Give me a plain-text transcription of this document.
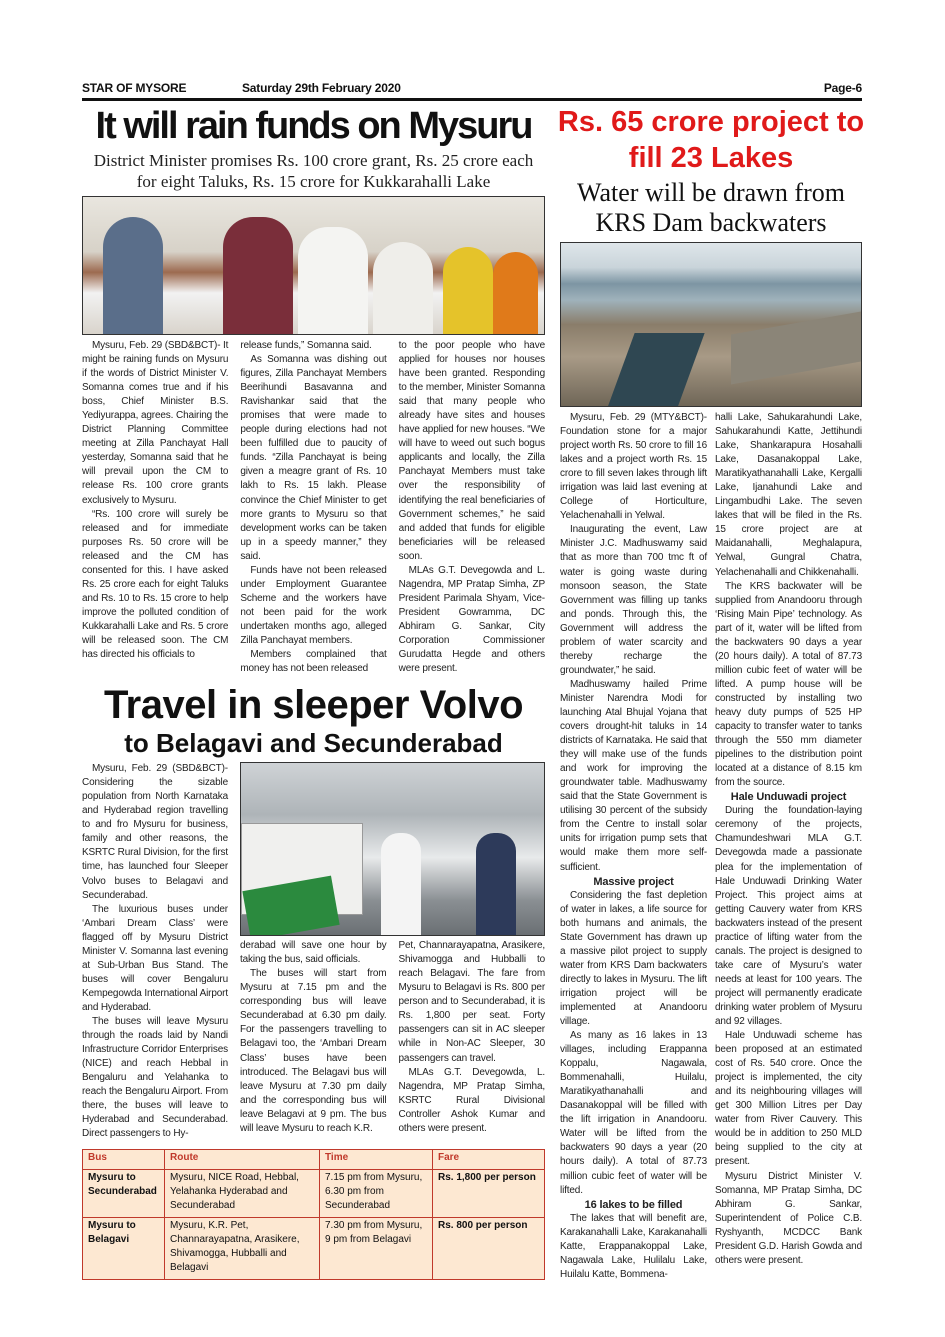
STAR OF MYSORE	Saturday 29th February 2020	Page-6
It will rain funds on Mysuru
District Minister promises Rs. 100 crore grant, Rs. 25 crore each
for eight Taluks, Rs. 15 crore for Kukkarahalli Lake

Mysuru, Feb. 29 (SBD&BCT)- It might be raining funds on Mysuru if the words of District Minister V. Somanna comes true and if his boss, Chief Minister B.S. Yediyurappa, agrees. Chairing the District Planning Committee meeting at Zilla Panchayat Hall yesterday, Somanna said that he will prevail upon the CM to release Rs. 100 crore grants exclusively to Mysuru.

“Rs. 100 crore will surely be released and for immediate purposes Rs. 50 crore will be released and the CM has consented for this. I have asked Rs. 25 crore each for eight Taluks and Rs. 10 to Rs. 15 crore to help improve the polluted condition of Kukkarahalli Lake and Rs. 5 crore will be released soon. The CM has directed his officials to

release funds,” Somanna said.

As Somanna was dishing out figures, Zilla Panchayat Members Beerihundi Basavanna and Ravishankar said that the promises that were made to people during elections had not been fulfilled due to paucity of funds. “Zilla Panchayat is being given a meagre grant of Rs. 10 lakh to Rs. 15 lakh. Please convince the Chief Minister to get more grants to Mysuru so that development works can be taken up in a speedy manner,” they said.

Funds have not been released under Employment Guarantee Scheme and the workers have not been paid for the work undertaken months ago, alleged Zilla Panchayat members.

Members complained that money has not been released

to the poor people who have applied for houses nor houses have been granted. Responding to the member, Minister Somanna said that many people who already have sites and houses have applied for new houses. “We will have to weed out such bogus applicants and locally, the Zilla Panchayat Members must take over the responsibility of identifying the real beneficiaries of Government schemes,” he said and added that funds for eligible beneficiaries will be released soon.

MLAs G.T. Devegowda and L. Nagendra, MP Pratap Simha, ZP President Parimala Shyam, Vice-President Gowramma, DC Abhiram G. Sankar, City Corporation Commissioner Gurudatta Hegde and others were present.

Travel in sleeper Volvo
to Belagavi and Secunderabad

Mysuru, Feb. 29 (SBD&BCT)- Considering the sizable population from North Karnataka and Hyderabad region travelling to and fro Mysuru for business, family and other reasons, the KSRTC Rural Division, for the first time, has launched four Sleeper Volvo buses to Belagavi and Secunderabad.

The luxurious buses under ‘Ambari Dream Class’ were flagged off by Mysuru District Minister V. Somanna last evening at Sub-Urban Bus Stand. The buses will cover Bengaluru Kempegowda International Airport and Hyderabad.

The buses will leave Mysuru through the roads laid by Nandi Infrastructure Corridor Enterprises (NICE) and reach Hebbal in Bengaluru and Yelahanka to reach the Bengaluru Airport. From there, the buses will leave to Hyderabad and Secunderabad. Direct passengers to Hy-

derabad will save one hour by taking the bus, said officials.

The buses will start from Mysuru at 7.15 pm and the corresponding bus will leave Secunderabad at 6.30 pm daily. For the passengers travelling to Belagavi too, the ‘Ambari Dream Class’ buses have been introduced. The Belagavi bus will leave Mysuru at 7.30 pm daily and the corresponding bus will leave Belagavi at 9 pm. The bus will leave Mysuru to reach K.R.

Pet, Channarayapatna, Arasikere, Shivamogga and Hubballi to reach Belagavi. The fare from Mysuru to Belagavi is Rs. 800 per person and to Secunderabad, it is Rs. 1,800 per seat. Forty passengers can sit in AC sleeper while in Non-AC Sleeper, 30 passengers can travel.

MLAs G.T. Devegowda, L. Nagendra, MP Pratap Simha, KSRTC Rural Divisional Controller Ashok Kumar and others were present.

Bus	Route	Time	Fare
Mysuru to Secunderabad	Mysuru, NICE Road, Hebbal, Yelahanka Hyderabad and Secunderabad	7.15 pm from Mysuru, 6.30 pm from Secunderabad	Rs. 1,800 per person
Mysuru to Belagavi	Mysuru, K.R. Pet, Channarayapatna, Arasikere, Shivamogga, Hubballi and Belagavi	7.30 pm from Mysuru, 9 pm from Belagavi	Rs. 800 per person
Rs. 65 crore project to fill 23 Lakes
Water will be drawn from KRS Dam backwaters

Mysuru, Feb. 29 (MTY&BCT)- Foundation stone for a major project worth Rs. 50 crore to fill 16 lakes and a project worth Rs. 15 crore to fill seven lakes through lift irrigation was laid last evening at College of Horticulture, Yelachenahalli in Yelwal.

Inaugurating the event, Law Minister J.C. Madhuswamy said that as more than 700 tmc ft of water is going waste during monsoon season, the State Government was filling up tanks and ponds. Through this, the Government will address the problem of water scarcity and thereby recharge the groundwater,” he said.

Madhuswamy hailed Prime Minister Narendra Modi for launching Atal Bhujal Yojana that covers drought-hit taluks in 14 districts of Karnataka. He said that they will make use of the funds and work for improving the groundwater table. Madhuswamy said that the State Government is utilising 30 percent of the subsidy from the Centre to install solar units for irrigation pump sets that would make them more self-sufficient.

Massive project

Considering the fast depletion of water in lakes, a life source for both humans and animals, the State Government has drawn up a massive pilot project to supply water from KRS Dam backwaters directly to lakes in Mysuru. The lift irrigation project will be implemented at Anandooru village.

As many as 16 lakes in 13 villages, including Erappanna Koppalu, Nagawala, Bommenahalli, Huilalu, Maratikyathanahalli and Dasanakoppal will be filled with the lift irrigation in Anandooru. Water will be lifted from the backwaters 90 days a year (20 hours daily). A total of 87.73 million cubic feet of water will be lifted.

16 lakes to be filled

The lakes that will benefit are, Karakanahalli Lake, Karakanahalli Katte, Erappanakoppal Lake, Nagawala Lake, Hulilalu Lake, Huilalu Katte, Bommena-

halli Lake, Sahukarahundi Lake, Sahukarahundi Katte, Jettihundi Lake, Shankarapura Hosahalli Lake, Dasanakoppal Lake, Maratikyathanahalli Lake, Kergalli Lake, Ijanahundi Lake and Lingambudhi Lake. The seven lakes that will be filed in the Rs. 15 crore project are at Maidanahalli, Meghalapura, Yelwal, Gungral Chatra, Yelachenahalli and Chikkenahalli.

The KRS backwater will be supplied from Anandooru through ‘Rising Main Pipe’ technology. As part of it, water will be lifted from the backwaters 90 days a year (20 hours daily). A total of 87.73 million cubic feet of water will be lifted. A pump house will be constructed by installing two heavy duty pumps of 525 HP capacity to transfer water to tanks through the 550 mm diameter pipelines to the distribution point located at a distance of 8.15 km from the source.

Hale Unduwadi project

During the foundation-laying ceremony of the projects, Chamundeshwari MLA G.T. Devegowda made a passionate plea for the implementation of Hale Unduwadi Drinking Water Project. This project aims at getting Cauvery water from KRS backwaters instead of the present practice of lifting water from the canals. The project is designed to take care of Mysuru’s water needs at least for 100 years. The project will permanently eradicate drinking water problem of Mysuru and 92 villages.

Hale Unduwadi scheme has been proposed at an estimated cost of Rs. 540 crore. Once the project is implemented, the city and its neighbouring villages will get 300 Million Litres per Day water from River Cauvery. This would be in addition to 250 MLD being supplied to the city at present.

Mysuru District Minister V. Somanna, MP Pratap Simha, DC Abhiram G. Sankar, Superintendent of Police C.B. Ryshyanth, MCDCC Bank President G.D. Harish Gowda and others were present.
